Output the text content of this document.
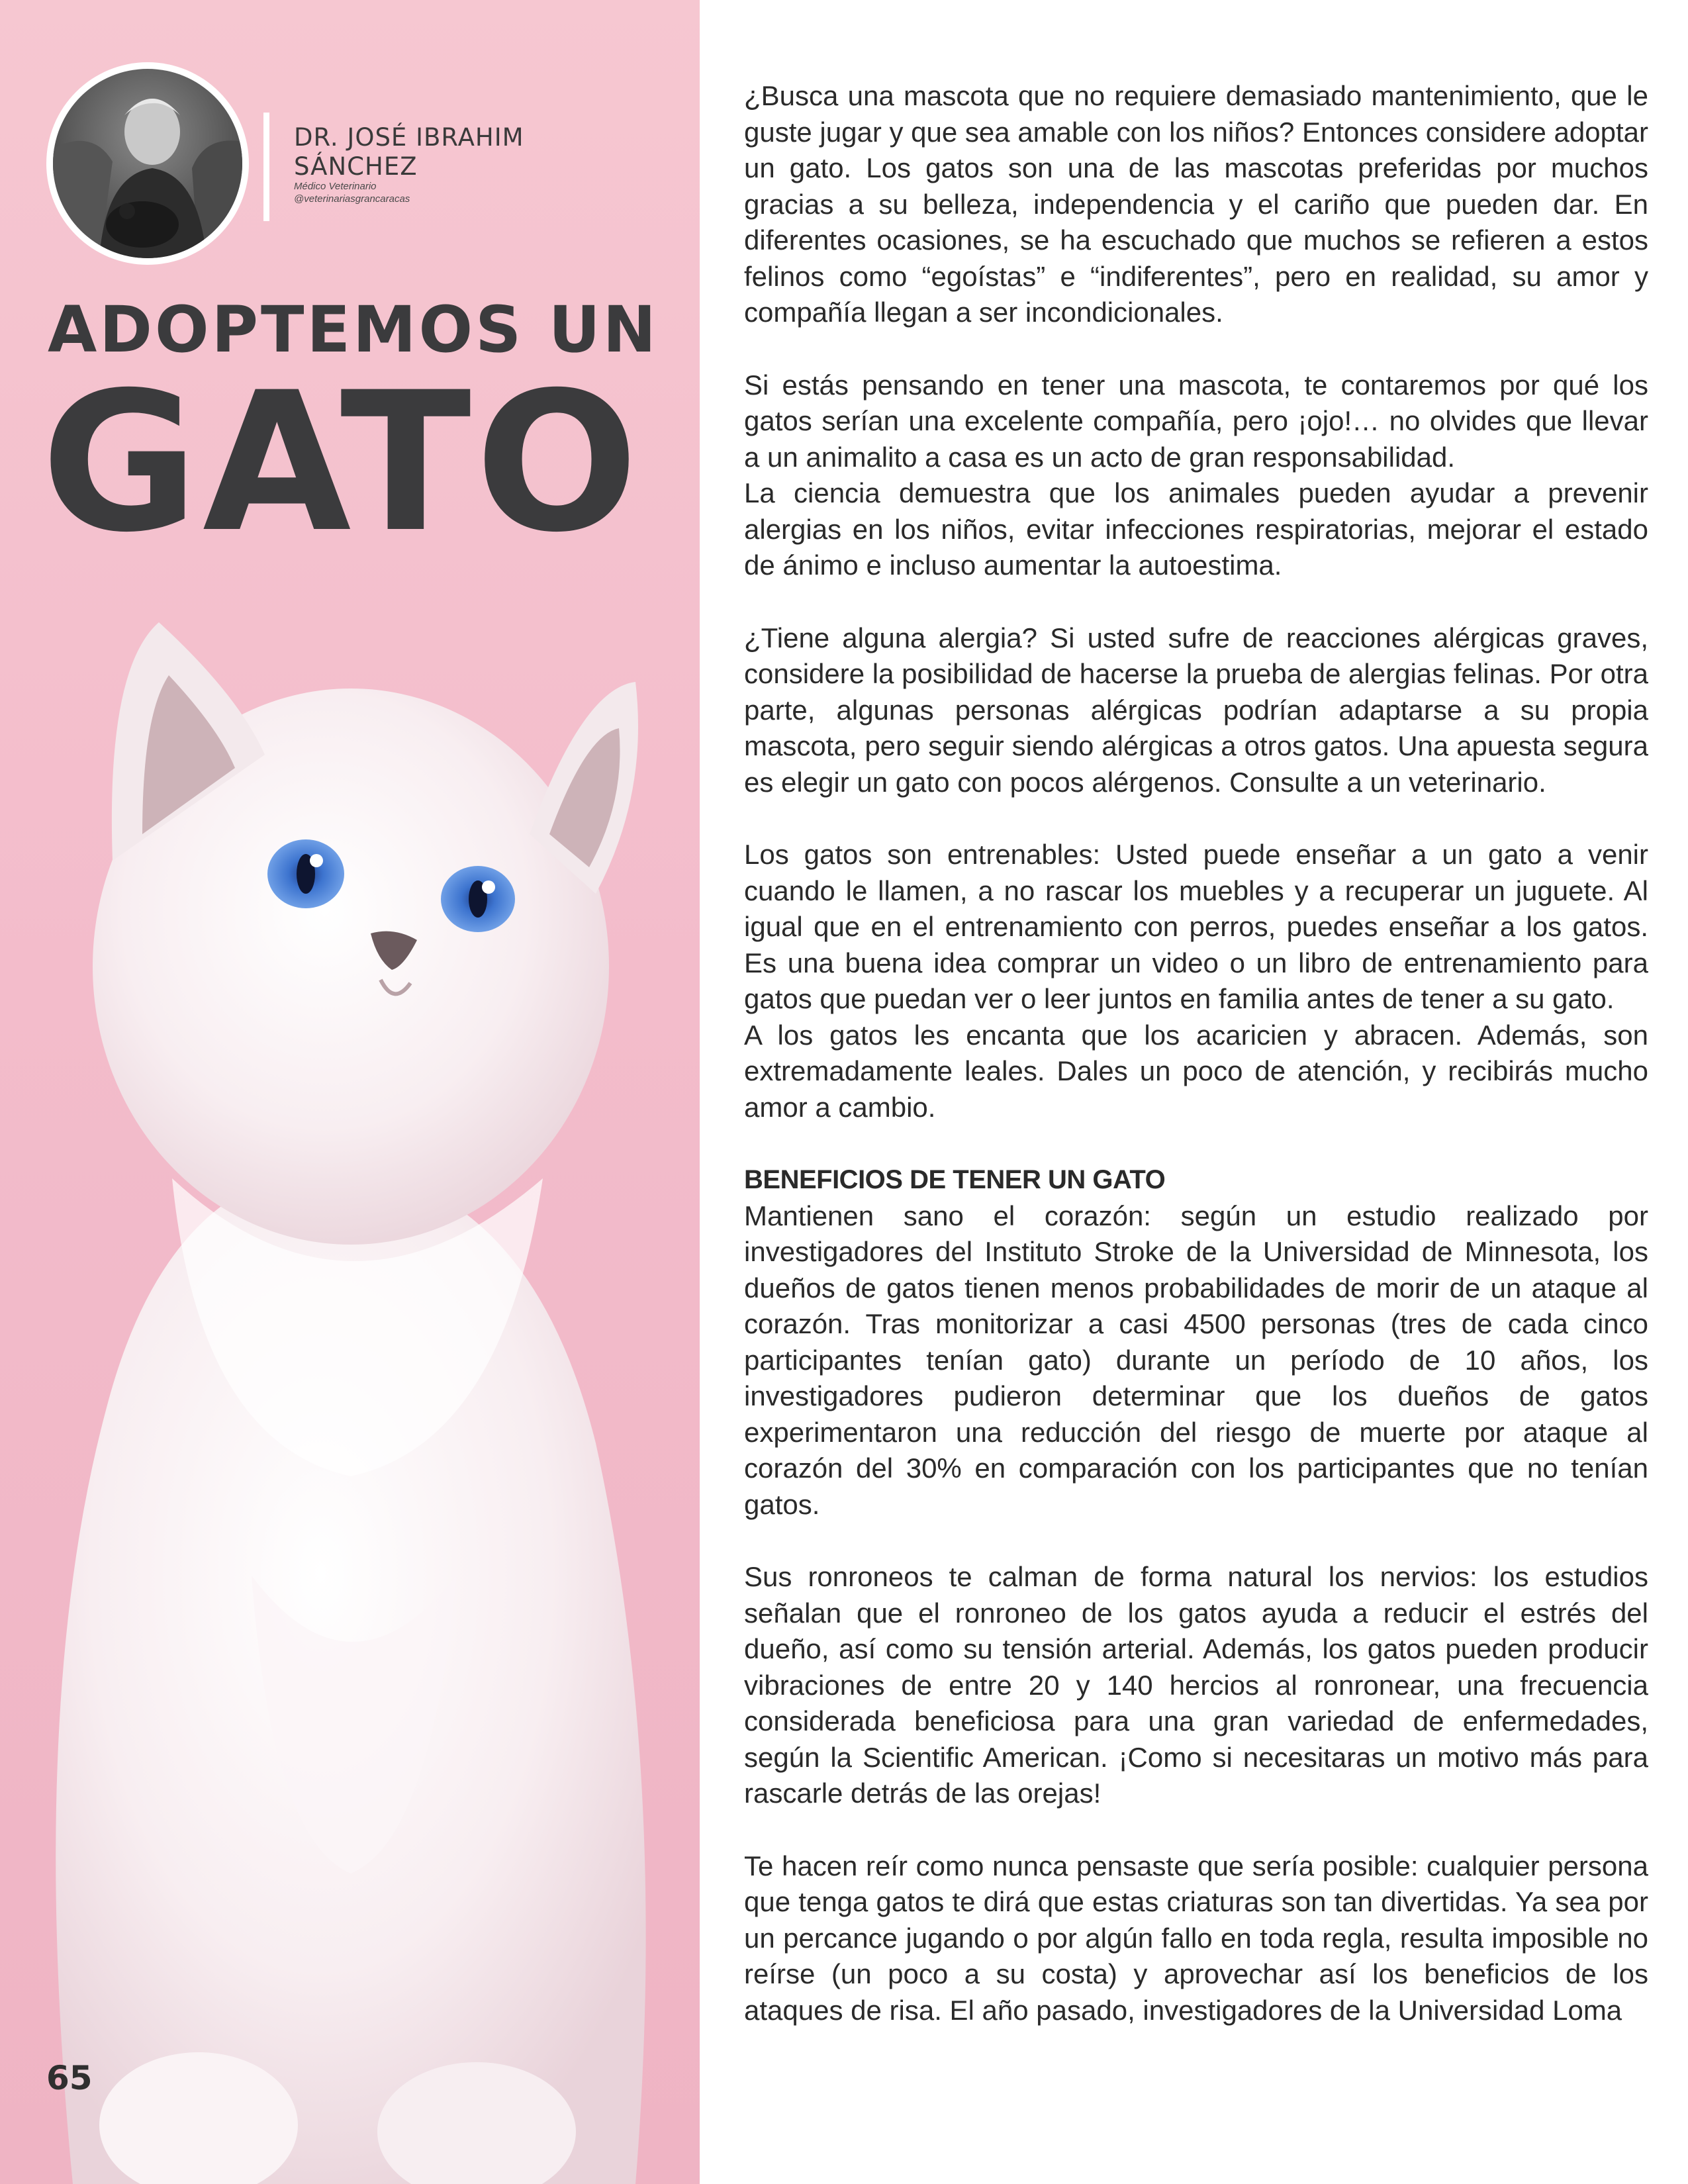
DR. JOSÉ IBRAHIM SÁNCHEZ
Médico Veterinario
@veterinariasgrancaracas
ADOPTEMOS UN
GATO
65

¿Busca una mascota que no requiere demasiado mantenimiento, que le guste jugar y que sea amable con los niños? Entonces considere adoptar un gato. Los gatos son una de las mascotas preferidas por muchos gracias a su belleza, independencia y el cariño que pueden dar. En diferentes ocasiones, se ha escuchado que muchos se refieren a estos felinos como “egoístas” e “indiferentes”, pero en realidad, su amor y compañía llegan a ser incondicionales.

Si estás pensando en tener una mascota, te contaremos por qué los gatos serían una excelente compañía, pero ¡ojo!… no olvides que llevar a un animalito a casa es un acto de gran responsabilidad.

La ciencia demuestra que los animales pueden ayudar a prevenir alergias en los niños, evitar infecciones respiratorias, mejorar el estado de ánimo e incluso aumentar la autoestima.

¿Tiene alguna alergia? Si usted sufre de reacciones alérgicas graves, considere la posibilidad de hacerse la prueba de alergias felinas. Por otra parte, algunas personas alérgicas podrían adaptarse a su propia mascota, pero seguir siendo alérgicas a otros gatos. Una apuesta segura es elegir un gato con pocos alérgenos. Consulte a un veterinario.

Los gatos son entrenables: Usted puede enseñar a un gato a venir cuando le llamen, a no rascar los muebles y a recuperar un juguete. Al igual que en el entrenamiento con perros, puedes enseñar a los gatos. Es una buena idea comprar un video o un libro de entrenamiento para gatos que puedan ver o leer juntos en familia antes de tener a su gato.

A los gatos les encanta que los acaricien y abracen. Además, son extremadamente leales. Dales un poco de atención, y recibirás mucho amor a cambio.

BENEFICIOS DE TENER UN GATO

Mantienen sano el corazón: según un estudio realizado por investigadores del Instituto Stroke de la Universidad de Minnesota, los dueños de gatos tienen menos probabilidades de morir de un ataque al corazón. Tras monitorizar a casi 4500 personas (tres de cada cinco participantes tenían gato) durante un período de 10 años, los investigadores pudieron determinar que los dueños de gatos experimentaron una reducción del riesgo de muerte por ataque al corazón del 30% en comparación con los participantes que no tenían gatos.

Sus ronroneos te calman de forma natural los nervios: los estudios señalan que el ronroneo de los gatos ayuda a reducir el estrés del dueño, así como su tensión arterial. Además, los gatos pueden producir vibraciones de entre 20 y 140 hercios al ronronear, una frecuencia considerada beneficiosa para una gran variedad de enfermedades, según la Scientific American. ¡Como si necesitaras un motivo más para rascarle detrás de las orejas!

Te hacen reír como nunca pensaste que sería posible: cualquier persona que tenga gatos te dirá que estas criaturas son tan divertidas. Ya sea por un percance jugando o por algún fallo en toda regla, resulta imposible no reírse (un poco a su costa) y aprovechar así los beneficios de los ataques de risa. El año pasado, investigadores de la Universidad Loma
